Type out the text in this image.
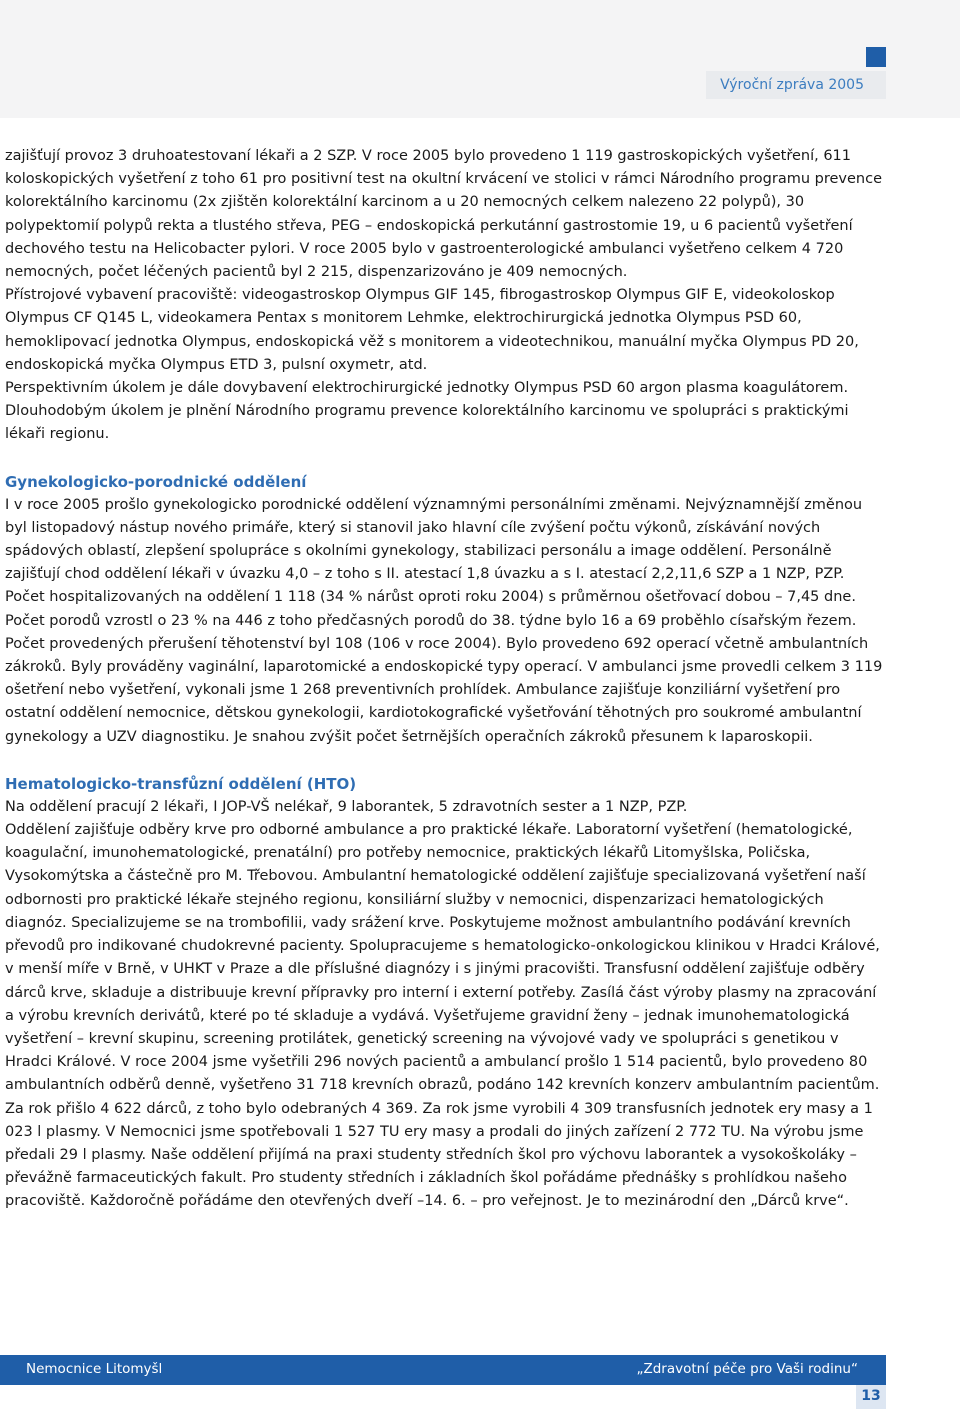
Výroční zpráva 2005

zajišťují provoz 3 druhoatestovaní lékaři a 2 SZP. V roce 2005 bylo provedeno 1 119 gastroskopických vyšetření, 611 koloskopických vyšetření z toho 61 pro positivní test na okultní krvácení ve stolici v rámci Národního programu prevence kolorektálního karcinomu (2x zjištěn kolorektální karcinom a u 20 nemocných celkem nalezeno 22 polypů), 30 polypektomií polypů rekta a tlustého střeva, PEG – endoskopická perkutánní gastrostomie 19, u 6 pacientů vyšetření dechového testu na Helicobacter pylori. V roce 2005 bylo v gastroenterologické ambulanci vyšetřeno celkem 4 720 nemocných, počet léčených pacientů byl 2 215, dispenzarizováno je 409 nemocných.

Přístrojové vybavení pracoviště: videogastroskop Olympus GIF 145, fibrogastroskop Olympus GIF E, videokoloskop Olympus CF Q145 L, videokamera Pentax s monitorem Lehmke, elektrochirurgická jednotka Olympus PSD 60, hemoklipovací jednotka Olympus, endoskopická věž s monitorem a videotechnikou, manuální myčka Olympus PD 20, endoskopická myčka Olympus ETD 3, pulsní oxymetr, atd.

Perspektivním úkolem je dále dovybavení elektrochirurgické jednotky Olympus PSD 60 argon plasma koagulátorem. Dlouhodobým úkolem je plnění Národního programu prevence kolorektálního karcinomu ve spolupráci s praktickými lékaři regionu.

Gynekologicko-porodnické oddělení

I v roce 2005 prošlo gynekologicko porodnické oddělení významnými personálními změnami. Nejvýznamnější změnou byl listopadový nástup nového primáře, který si stanovil jako hlavní cíle zvýšení počtu výkonů, získávání nových spádových oblastí, zlepšení spolupráce s okolními gynekology, stabilizaci personálu a image oddělení. Personálně zajišťují chod oddělení lékaři v úvazku 4,0 – z toho s II. atestací 1,8 úvazku a s I. atestací 2,2,11,6 SZP a 1 NZP, PZP. Počet hospitalizovaných na oddělení 1 118 (34 % nárůst oproti roku 2004) s průměrnou ošetřovací dobou – 7,45 dne. Počet porodů vzrostl o 23 % na 446 z toho předčasných porodů do 38. týdne bylo 16 a 69 proběhlo císařským řezem. Počet provedených přerušení těhotenství byl 108 (106 v roce 2004). Bylo provedeno 692 operací včetně ambulantních zákroků. Byly prováděny vaginální, laparotomické a endoskopické typy operací. V ambulanci jsme provedli celkem 3 119 ošetření nebo vyšetření, vykonali jsme 1 268 preventivních prohlídek. Ambulance zajišťuje konziliární vyšetření pro ostatní oddělení nemocnice, dětskou gynekologii, kardiotokografické vyšetřování těhotných pro soukromé ambulantní gynekology a UZV diagnostiku. Je snahou zvýšit počet šetrnějších operačních zákroků přesunem k laparoskopii.

Hematologicko-transfůzní oddělení (HTO)

Na oddělení pracují 2 lékaři, I JOP-VŠ nelékař, 9 laborantek, 5 zdravotních sester a 1 NZP, PZP.

Oddělení zajišťuje odběry krve pro odborné ambulance a pro praktické lékaře. Laboratorní vyšetření (hematologické, koagulační, imunohematologické, prenatální) pro potřeby nemocnice, praktických lékařů Litomyšlska, Poličska, Vysokomýtska a částečně pro M. Třebovou. Ambulantní hematologické oddělení zajišťuje specializovaná vyšetření naší odbornosti pro praktické lékaře stejného regionu, konsiliární služby v nemocnici, dispenzarizaci hematologických diagnóz. Specializujeme se na trombofilii, vady srážení krve. Poskytujeme možnost ambulantního podávání krevních převodů pro indikované chudokrevné pacienty. Spolupracujeme s hematologicko-onkologickou klinikou v Hradci Králové, v menší míře v Brně, v UHKT v Praze a dle příslušné diagnózy i s jinými pracovišti. Transfusní oddělení zajišťuje odběry dárců krve, skladuje a distribuuje krevní přípravky pro interní i externí potřeby. Zasílá část výroby plasmy na zpracování a výrobu krevních derivátů, které po té skladuje a vydává. Vyšetřujeme gravidní ženy – jednak imunohematologická vyšetření – krevní skupinu, screening protilátek, genetický screening na vývojové vady ve spolupráci s genetikou v Hradci Králové. V roce 2004 jsme vyšetřili 296 nových pacientů a ambulancí prošlo 1 514 pacientů, bylo provedeno 80 ambulantních odběrů denně, vyšetřeno 31 718 krevních obrazů, podáno 142 krevních konzerv ambulantním pacientům. Za rok přišlo 4 622 dárců, z toho bylo odebraných 4 369. Za rok jsme vyrobili 4 309 transfusních jednotek ery masy a 1 023 l plasmy. V Nemocnici jsme spotřebovali 1 527 TU ery masy a prodali do jiných zařízení 2 772 TU. Na výrobu jsme předali 29 l plasmy. Naše oddělení přijímá na praxi studenty středních škol pro výchovu laborantek a vysokoškoláky – převážně farmaceutických fakult. Pro studenty středních i základních škol pořádáme přednášky s prohlídkou našeho pracoviště. Každoročně pořádáme den otevřených dveří –14. 6. – pro veřejnost. Je to mezinárodní den „Dárců krve“.

Nemocnice Litomyšl	„Zdravotní péče pro Vaši rodinu“
13
